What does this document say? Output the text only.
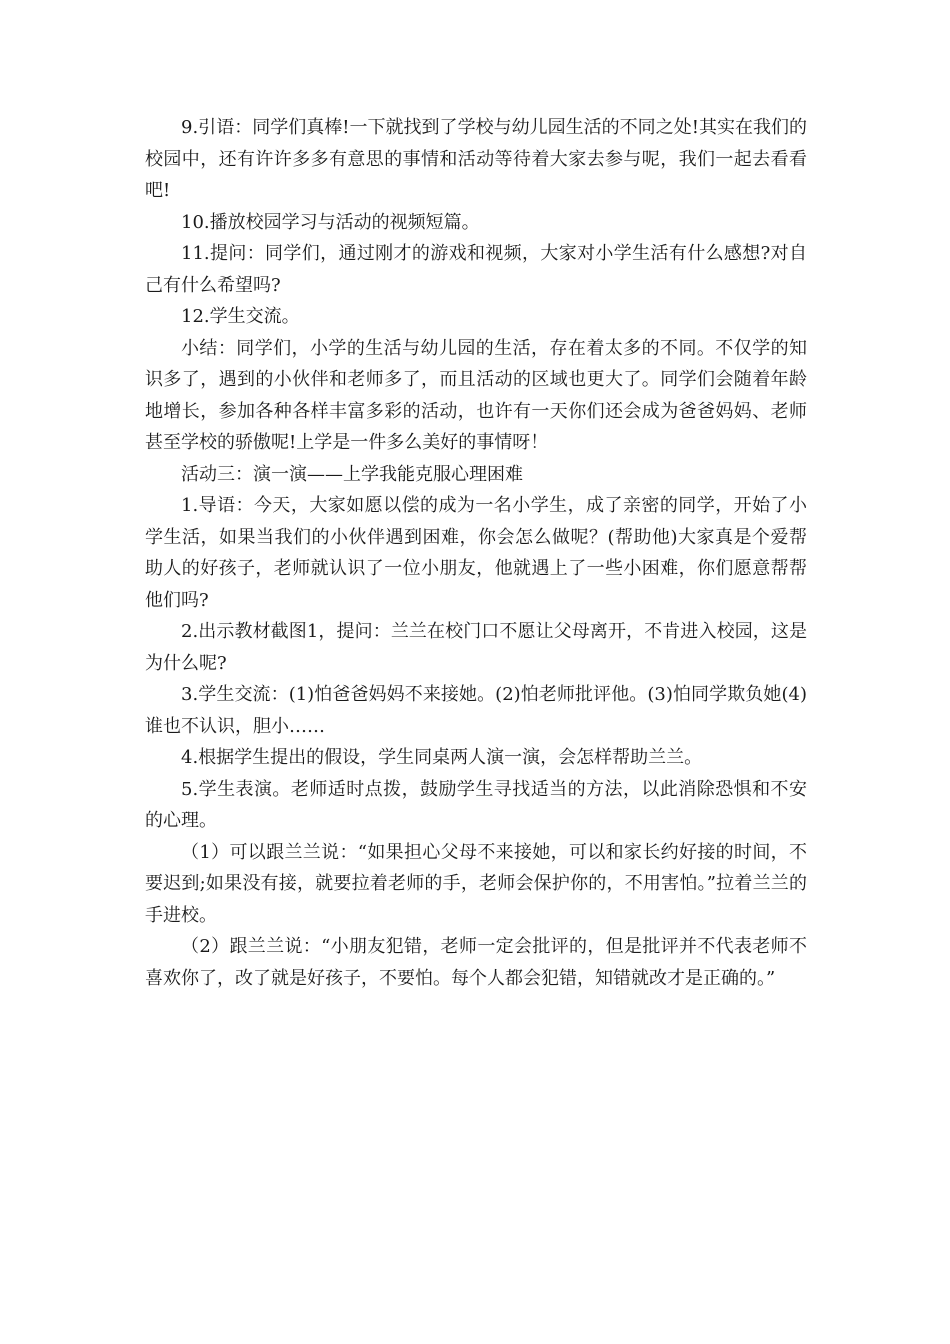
9.引语：同学们真棒!一下就找到了学校与幼儿园生活的不同之处!其实在我们的校园中，还有许许多多有意思的事情和活动等待着大家去参与呢，我们一起去看看吧!

10.播放校园学习与活动的视频短篇。

11.提问：同学们，通过刚才的游戏和视频，大家对小学生活有什么感想?对自己有什么希望吗?

12.学生交流。

小结：同学们，小学的生活与幼儿园的生活，存在着太多的不同。不仅学的知识多了，遇到的小伙伴和老师多了，而且活动的区域也更大了。同学们会随着年龄地增长，参加各种各样丰富多彩的活动，也许有一天你们还会成为爸爸妈妈、老师甚至学校的骄傲呢!上学是一件多么美好的事情呀！

活动三：演一演——上学我能克服心理困难

1.导语：今天，大家如愿以偿的成为一名小学生，成了亲密的同学，开始了小学生活，如果当我们的小伙伴遇到困难，你会怎么做呢？(帮助他)大家真是个爱帮助人的好孩子，老师就认识了一位小朋友，他就遇上了一些小困难，你们愿意帮帮他们吗?

2.出示教材截图1，提问：兰兰在校门口不愿让父母离开，不肯进入校园，这是为什么呢?

3.学生交流：(1)怕爸爸妈妈不来接她。(2)怕老师批评他。(3)怕同学欺负她(4)谁也不认识，胆小……

4.根据学生提出的假设，学生同桌两人演一演，会怎样帮助兰兰。

5.学生表演。老师适时点拨，鼓励学生寻找适当的方法，以此消除恐惧和不安的心理。

（1）可以跟兰兰说：“如果担心父母不来接她，可以和家长约好接的时间，不要迟到;如果没有接，就要拉着老师的手，老师会保护你的，不用害怕。”拉着兰兰的手进校。

（2）跟兰兰说：“小朋友犯错，老师一定会批评的，但是批评并不代表老师不喜欢你了，改了就是好孩子，不要怕。每个人都会犯错，知错就改才是正确的。”
